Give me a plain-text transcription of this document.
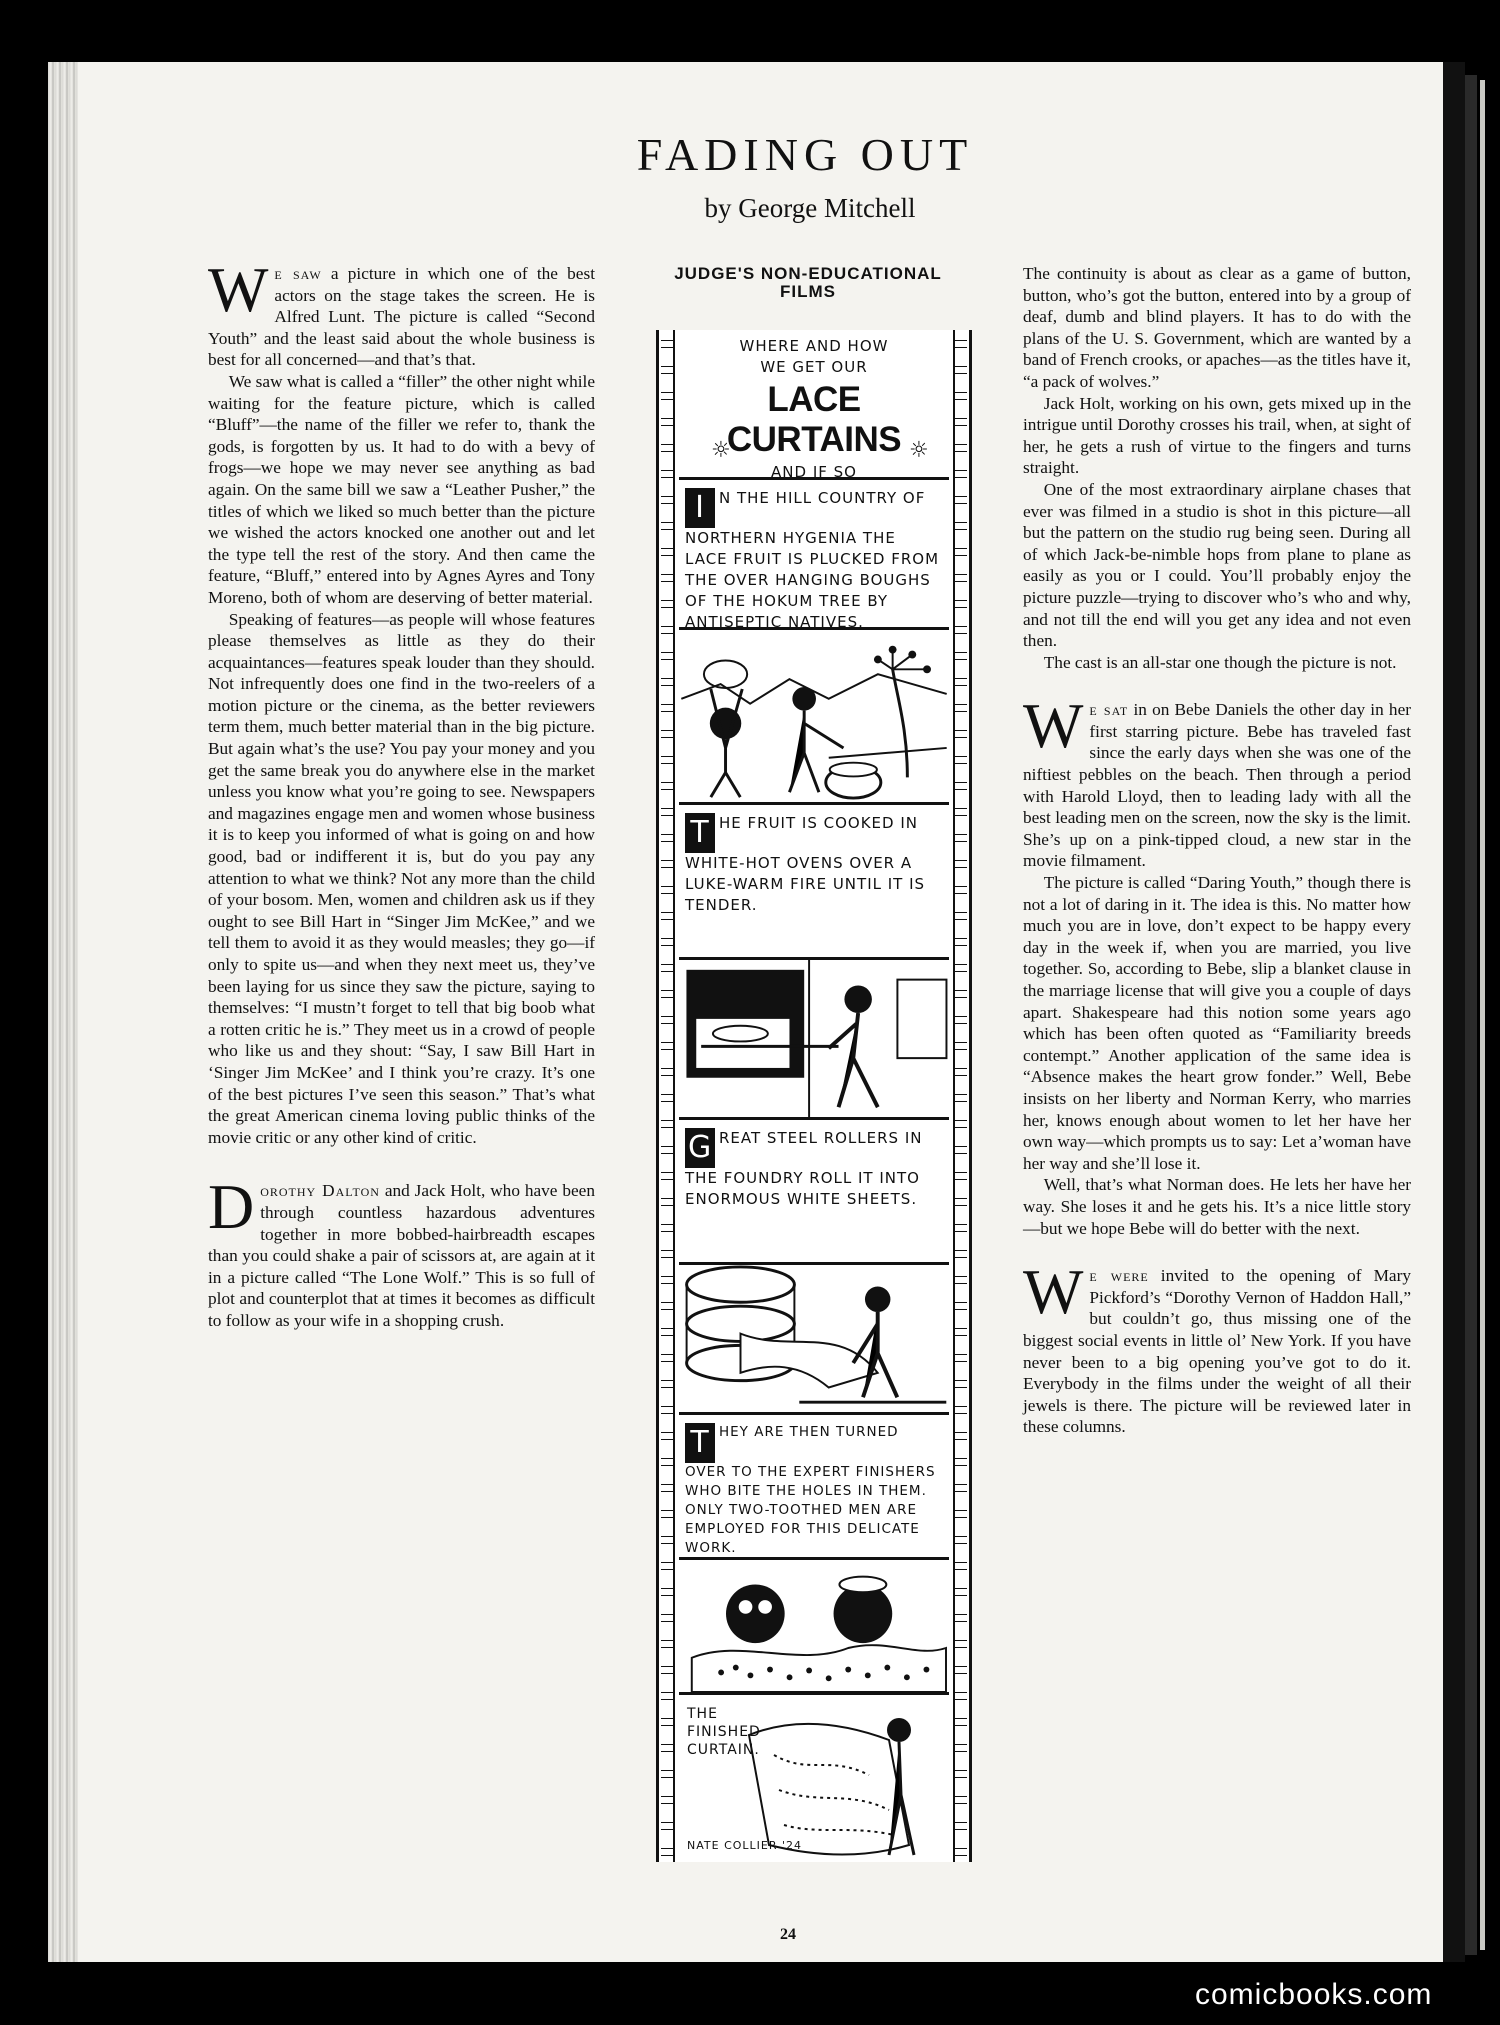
FADING OUT
by George Mitchell

We saw a picture in which one of the best actors on the stage takes the screen. He is Alfred Lunt. The picture is called “Second Youth” and the least said about the whole business is best for all concerned—and that’s that.

We saw what is called a “filler” the other night while waiting for the feature picture, which is called “Bluff”—the name of the filler we refer to, thank the gods, is forgotten by us. It had to do with a bevy of frogs—we hope we may never see anything as bad again. On the same bill we saw a “Leather Pusher,” the titles of which we liked so much better than the picture we wished the actors knocked one another out and let the type tell the rest of the story. And then came the feature, “Bluff,” entered into by Agnes Ayres and Tony Moreno, both of whom are deserving of better material.

Speaking of features—as people will whose features please themselves as little as they do their acquaintances—features speak louder than they should. Not infrequently does one find in the two-reelers of a motion picture or the cinema, as the better reviewers term them, much better material than in the big picture. But again what’s the use? You pay your money and you get the same break you do anywhere else in the market unless you know what you’re going to see. Newspapers and magazines engage men and women whose business it is to keep you informed of what is going on and how good, bad or indifferent it is, but do you pay any attention to what we think? Not any more than the child of your bosom. Men, women and children ask us if they ought to see Bill Hart in “Singer Jim McKee,” and we tell them to avoid it as they would measles; they go—if only to spite us—and when they next meet us, they’ve been laying for us since they saw the picture, saying to themselves: “I mustn’t forget to tell that big boob what a rotten critic he is.” They meet us in a crowd of people who like us and they shout: “Say, I saw Bill Hart in ‘Singer Jim McKee’ and I think you’re crazy. It’s one of the best pictures I’ve seen this season.” That’s what the great American cinema loving public thinks of the movie critic or any other kind of critic.

Dorothy Dalton and Jack Holt, who have been through countless hazardous adventures together in more bobbed-hairbreadth escapes than you could shake a pair of scissors at, are again at it in a picture called “The Lone Wolf.” This is so full of plot and counterplot that at times it becomes as difficult to follow as your wife in a shopping crush.

JUDGE'S NON-EDUCATIONAL
FILMS
WHERE AND HOW
WE GET OUR
LACE CURTAINS
AND IF SO
☼	☼
I N THE HILL COUNTRY OF NORTHERN HYGENIA THE LACE FRUIT IS PLUCKED FROM THE OVER HANGING BOUGHS OF THE HOKUM TREE BY ANTISEPTIC NATIVES.
T HE FRUIT IS COOKED IN WHITE-HOT OVENS OVER A LUKE-WARM FIRE UNTIL IT IS TENDER.
G REAT STEEL ROLLERS IN THE FOUNDRY ROLL IT INTO ENORMOUS WHITE SHEETS.
T HEY ARE THEN TURNED OVER TO THE EXPERT FINISHERS WHO BITE THE HOLES IN THEM. ONLY TWO-TOOTHED MEN ARE EMPLOYED FOR THIS DELICATE WORK.
THE FINISHED CURTAIN.
NATE COLLIER '24

The continuity is about as clear as a game of button, button, who’s got the button, entered into by a group of deaf, dumb and blind players. It has to do with the plans of the U. S. Government, which are wanted by a band of French crooks, or apaches—as the titles have it, “a pack of wolves.”

Jack Holt, working on his own, gets mixed up in the intrigue until Dorothy crosses his trail, when, at sight of her, he gets a rush of virtue to the fingers and turns straight.

One of the most extraordinary airplane chases that ever was filmed in a studio is shot in this picture—all but the pattern on the studio rug being seen. During all of which Jack-be-nimble hops from plane to plane as easily as you or I could. You’ll probably enjoy the picture puzzle—trying to discover who’s who and why, and not till the end will you get any idea and not even then.

The cast is an all-star one though the picture is not.

We sat in on Bebe Daniels the other day in her first starring picture. Bebe has traveled fast since the early days when she was one of the niftiest pebbles on the beach. Then through a period with Harold Lloyd, then to leading lady with all the best leading men on the screen, now the sky is the limit. She’s up on a pink-tipped cloud, a new star in the movie filmament.

The picture is called “Daring Youth,” though there is not a lot of daring in it. The idea is this. No matter how much you are in love, don’t expect to be happy every day in the week if, when you are married, you live together. So, according to Bebe, slip a blanket clause in the marriage license that will give you a couple of days apart. Shakespeare had this notion some years ago which has been often quoted as “Familiarity breeds contempt.” Another application of the same idea is “Absence makes the heart grow fonder.” Well, Bebe insists on her liberty and Norman Kerry, who marries her, knows enough about women to let her have her own way—which prompts us to say: Let a’woman have her way and she’ll lose it.

Well, that’s what Norman does. He lets her have her way. She loses it and he gets his. It’s a nice little story—but we hope Bebe will do better with the next.

We were invited to the opening of Mary Pickford’s “Dorothy Vernon of Haddon Hall,” but couldn’t go, thus missing one of the biggest social events in little ol’ New York. If you have never been to a big opening you’ve got to do it. Everybody in the films under the weight of all their jewels is there. The picture will be reviewed later in these columns.

24
comicbooks.com
